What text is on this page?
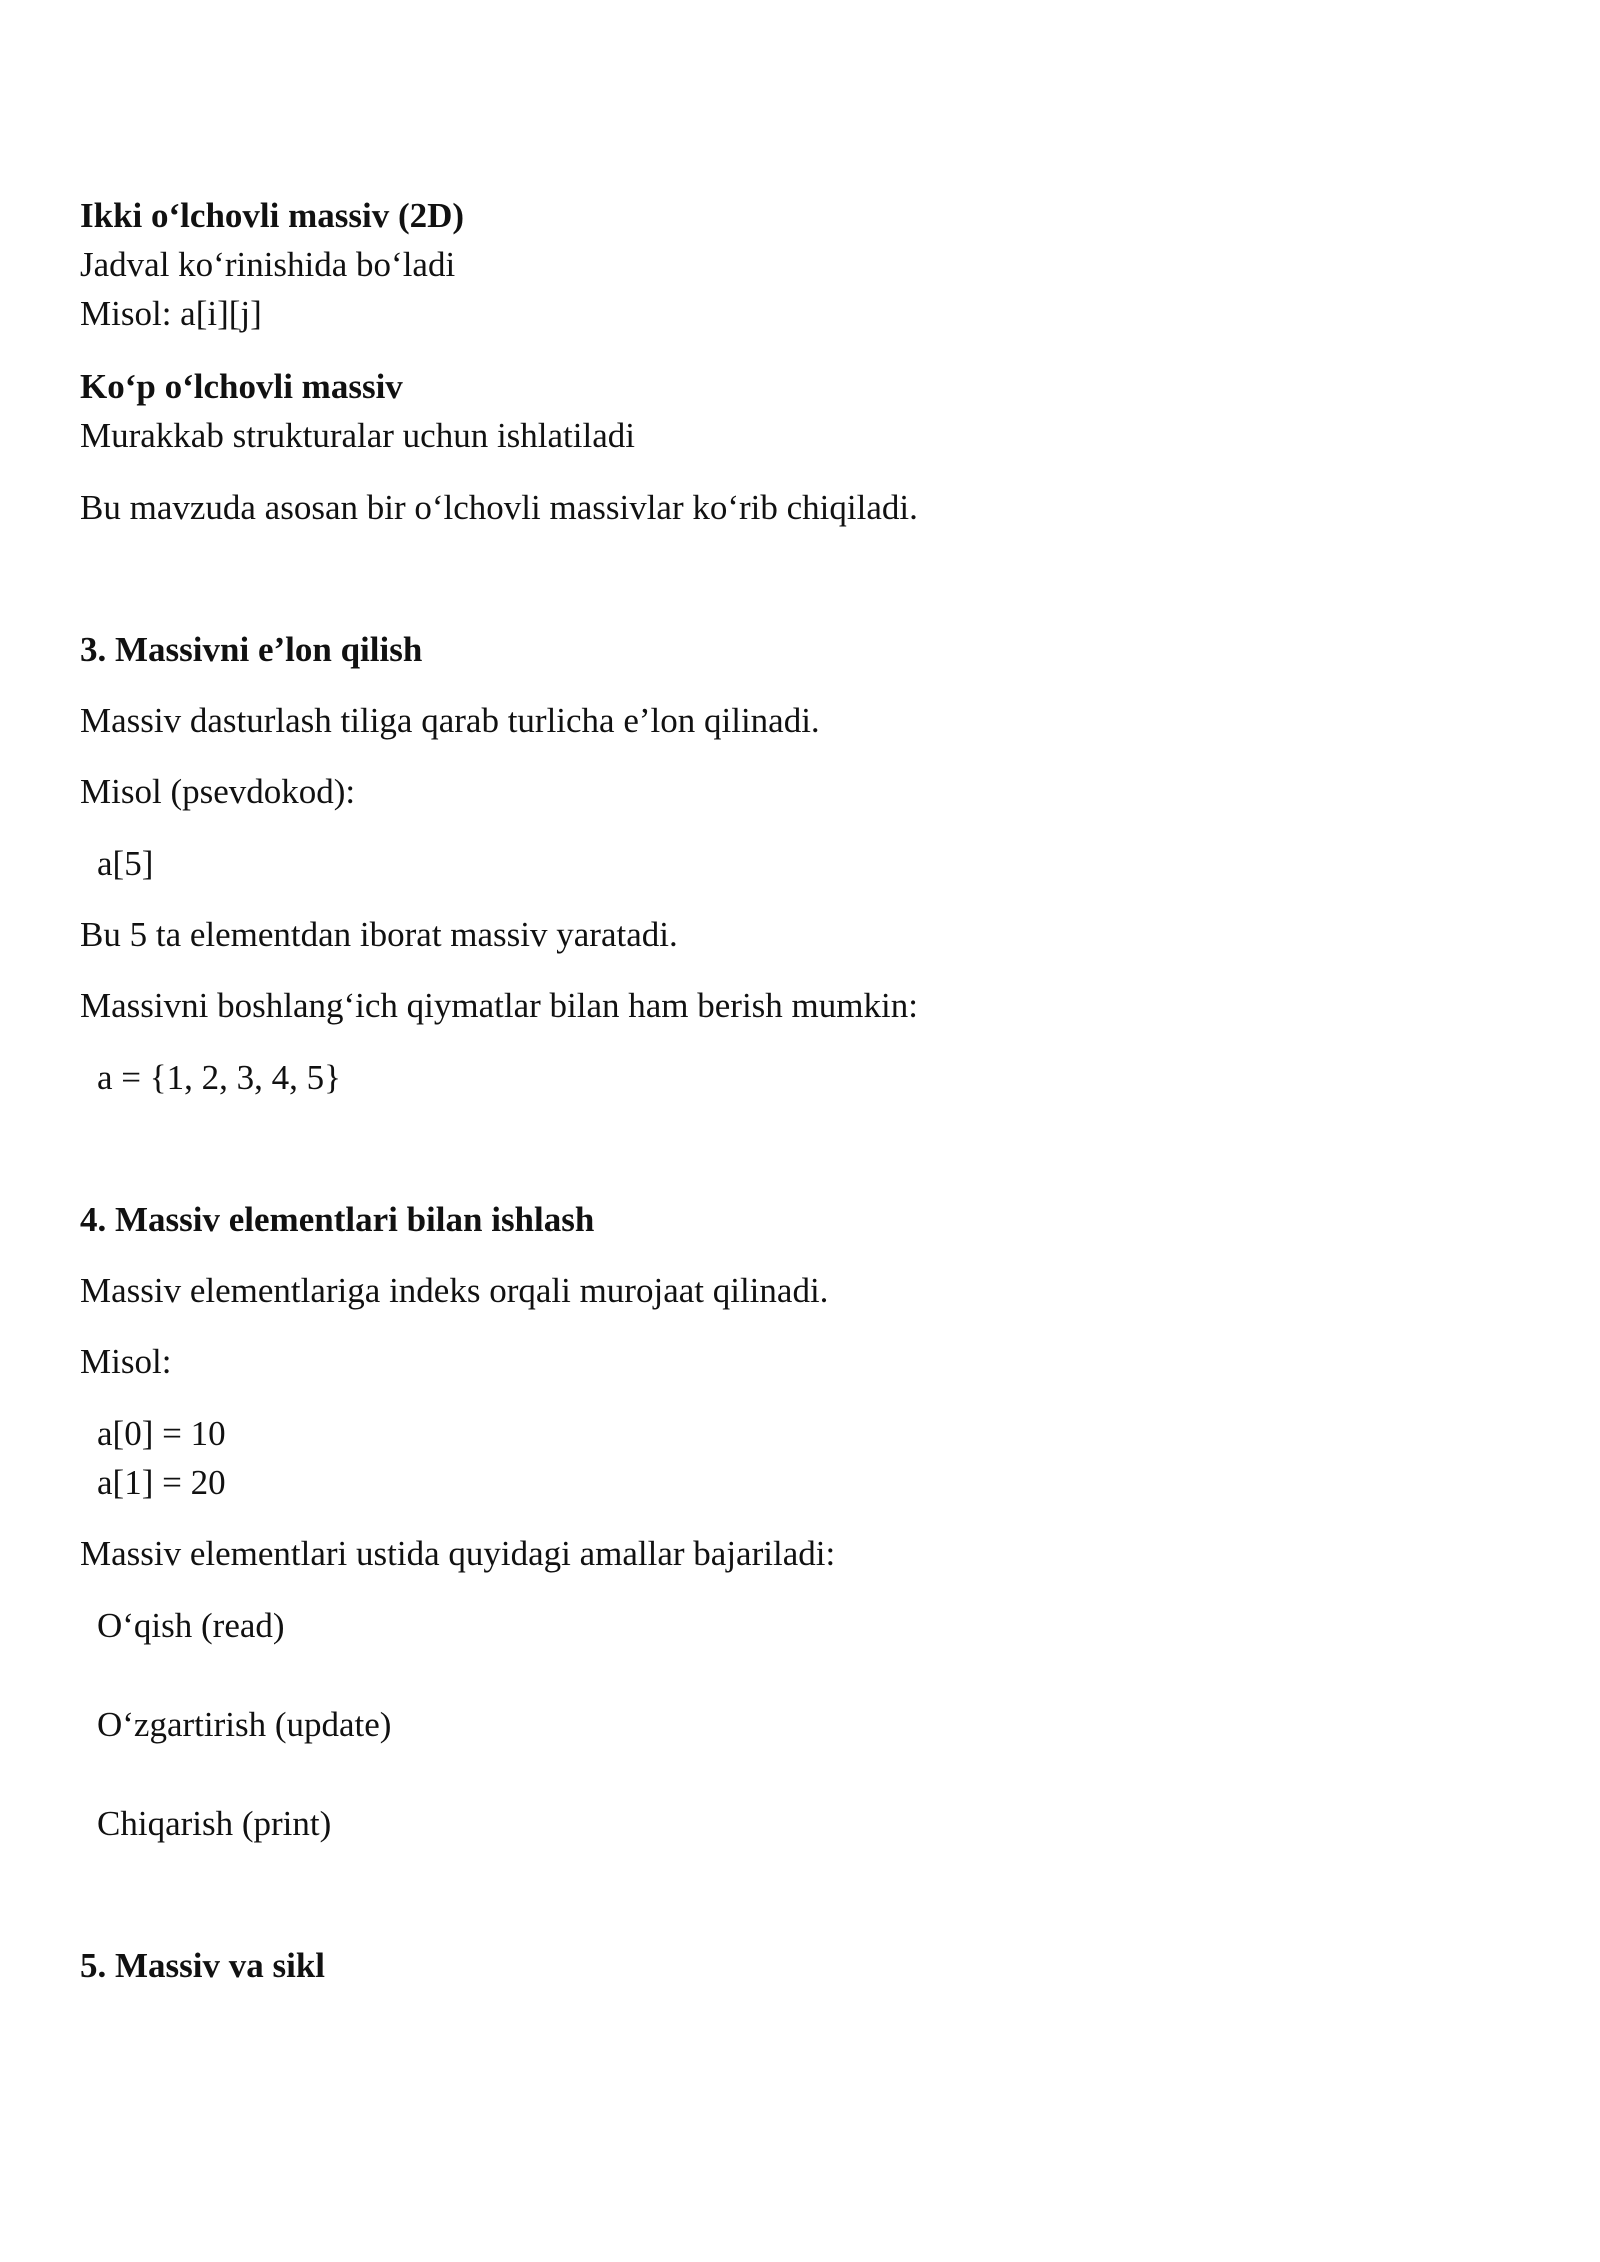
Ikki o‘lchovli massiv (2D)
Jadval ko‘rinishida bo‘ladi
Misol: a[i][j]
Ko‘p o‘lchovli massiv
Murakkab strukturalar uchun ishlatiladi
Bu mavzuda asosan bir o‘lchovli massivlar ko‘rib chiqiladi.
3. Massivni e’lon qilish
Massiv dasturlash tiliga qarab turlicha e’lon qilinadi.
Misol (psevdokod):
a[5]
Bu 5 ta elementdan iborat massiv yaratadi.
Massivni boshlang‘ich qiymatlar bilan ham berish mumkin:
a = {1, 2, 3, 4, 5}
4. Massiv elementlari bilan ishlash
Massiv elementlariga indeks orqali murojaat qilinadi.
Misol:
a[0] = 10
a[1] = 20
Massiv elementlari ustida quyidagi amallar bajariladi:
O‘qish (read)
O‘zgartirish (update)
Chiqarish (print)
5. Massiv va sikl
